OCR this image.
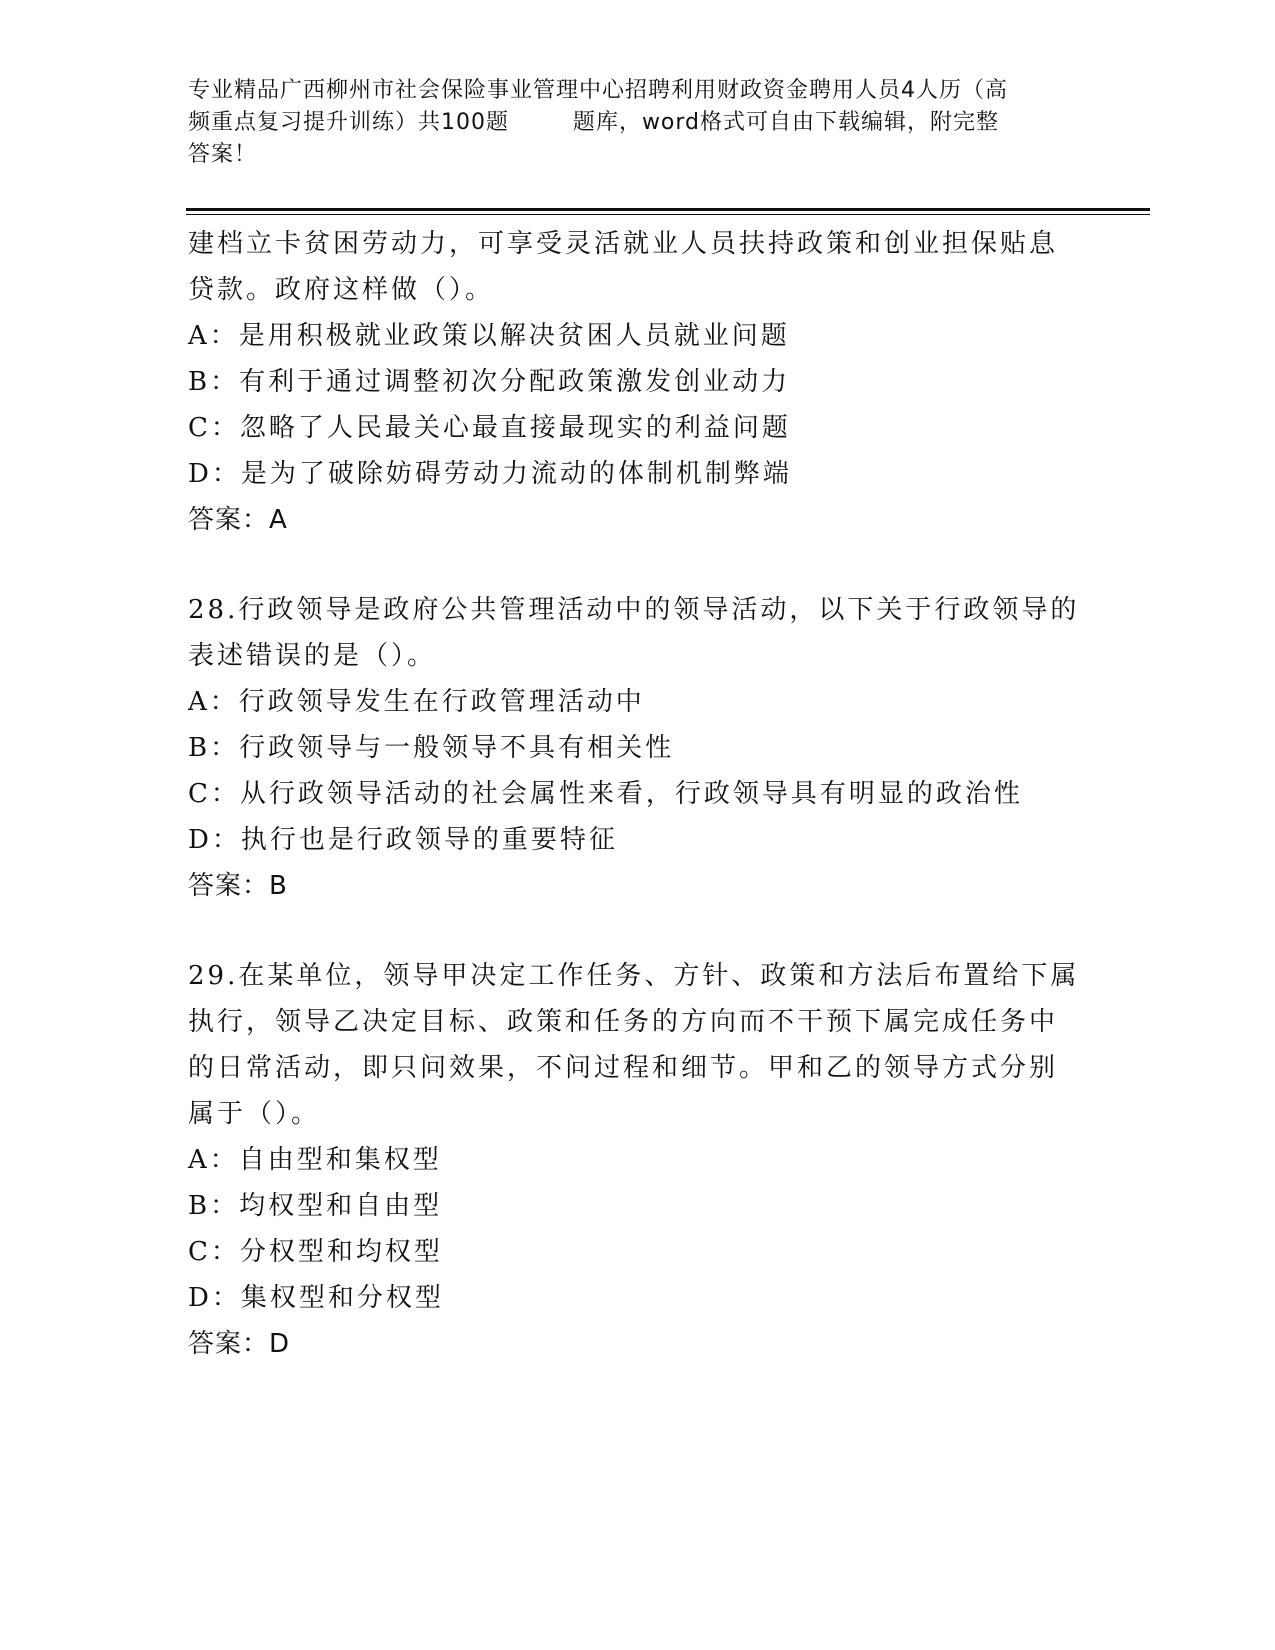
专业精品广西柳州市社会保险事业管理中心招聘利用财政资金聘用人员4人历（高
频重点复习提升训练）共100题        题库，word格式可自由下载编辑，附完整
答案！
建档立卡贫困劳动力，可享受灵活就业人员扶持政策和创业担保贴息
贷款。政府这样做（）。
A：是用积极就业政策以解决贫困人员就业问题
B：有利于通过调整初次分配政策激发创业动力
C：忽略了人民最关心最直接最现实的利益问题
D：是为了破除妨碍劳动力流动的体制机制弊端
答案：A
28.行政领导是政府公共管理活动中的领导活动，以下关于行政领导的
表述错误的是（）。
A：行政领导发生在行政管理活动中
B：行政领导与一般领导不具有相关性
C：从行政领导活动的社会属性来看，行政领导具有明显的政治性
D：执行也是行政领导的重要特征
答案：B
29.在某单位，领导甲决定工作任务、方针、政策和方法后布置给下属
执行，领导乙决定目标、政策和任务的方向而不干预下属完成任务中
的日常活动，即只问效果，不问过程和细节。甲和乙的领导方式分别
属于（）。
A：自由型和集权型
B：均权型和自由型
C：分权型和均权型
D：集权型和分权型
答案：D
